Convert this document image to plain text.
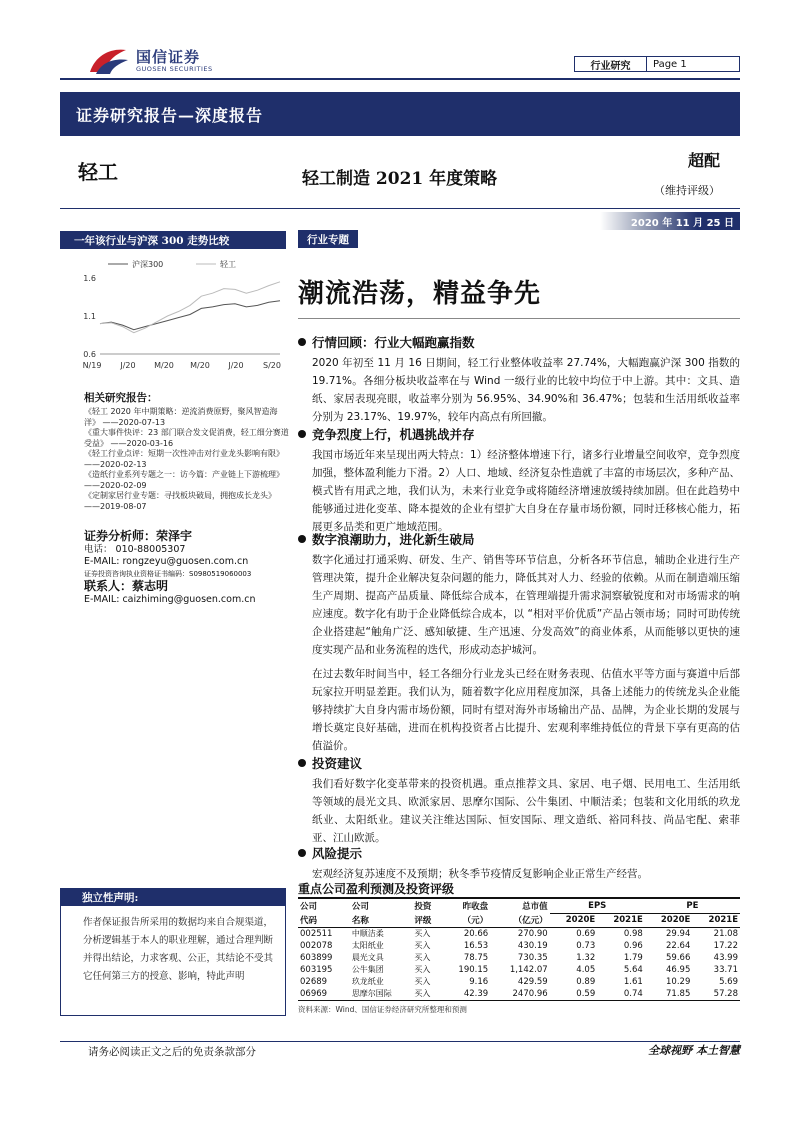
国信证券
GUOSEN SECURITIES	行业研究	Page 1
证券研究报告—深度报告
轻工	轻工制造 2021 年度策略
超配
（维持评级）
2020 年 11 月 25 日
一年该行业与沪深 300 走势比较
1.6
1.1
0.6
N/19 J/20 M/20 M/20 J/20 S/20
沪深300	轻工
相关研究报告：
《轻工 2020 年中期策略：逆流消费原野，聚风智造海洋》 ——2020-07-13
《重大事件快评：23 部门联合发文促消费，轻工细分赛道受益》 ——2020-03-16
《轻工行业点评：短期一次性冲击对行业龙头影响有限》 ——2020-02-13
《造纸行业系列专题之一：访今篇：产业链上下游梳理》 ——2020-02-09
《定制家居行业专题：寻找板块破局，拥抱成长龙头》 ——2019-08-07
证券分析师：荣泽宇
电话： 010-88005307
E-MAIL: rongzeyu@guosen.com.cn
证券投资咨询执业资格证书编码：S0980519060003
联系人：蔡志明
E-MAIL: caizhiming@guosen.com.cn
独立性声明:
作者保证报告所采用的数据均来自合规渠道，分析逻辑基于本人的职业理解，通过合理判断并得出结论，力求客观、公正，其结论不受其它任何第三方的授意、影响，特此声明
行业专题
潮流浩荡，精益争先
行情回顾：行业大幅跑赢指数
2020 年初至 11 月 16 日期间，轻工行业整体收益率 27.74%，大幅跑赢沪深 300 指数的 19.71%。各细分板块收益率在与 Wind 一级行业的比较中均位于中上游。其中：文具、造纸、家居表现亮眼，收益率分别为 56.95%、34.90%和 36.47%；包装和生活用纸收益率分别为 23.17%、19.97%，较年内高点有所回撤。
竞争烈度上行，机遇挑战并存
我国市场近年来呈现出两大特点：1）经济整体增速下行，诸多行业增量空间收窄，竞争烈度加强，整体盈利能力下滑。2）人口、地域、经济复杂性造就了丰富的市场层次，多种产品、模式皆有用武之地，我们认为，未来行业竞争或将随经济增速放缓持续加剧。但在此趋势中能够通过进化变革、降本提效的企业有望扩大自身在存量市场份额，同时迁移核心能力，拓展更多品类和更广地域范围。
数字浪潮助力，进化新生破局
数字化通过打通采购、研发、生产、销售等环节信息，分析各环节信息，辅助企业进行生产管理决策，提升企业解决复杂问题的能力，降低其对人力、经验的依赖。从而在制造端压缩生产周期、提高产品质量、降低综合成本，在管理端提升需求洞察敏锐度和对市场需求的响应速度。数字化有助于企业降低综合成本，以 “相对平价优质”产品占领市场；同时可助传统企业搭建起“触角广泛、感知敏捷、生产迅速、分发高效”的商业体系，从而能够以更快的速度实现产品和业务流程的迭代，形成动态护城河。
在过去数年时间当中，轻工各细分行业龙头已经在财务表现、估值水平等方面与赛道中后部玩家拉开明显差距。我们认为，随着数字化应用程度加深，具备上述能力的传统龙头企业能够持续扩大自身内需市场份额，同时有望对海外市场输出产品、品牌，为企业长期的发展与增长奠定良好基础，进而在机构投资者占比提升、宏观利率维持低位的背景下享有更高的估值溢价。
投资建议
我们看好数字化变革带来的投资机遇。重点推荐文具、家居、电子烟、民用电工、生活用纸等领域的晨光文具、欧派家居、思摩尔国际、公牛集团、中顺洁柔；包装和文化用纸的玖龙纸业、太阳纸业。建议关注维达国际、恒安国际、理文造纸、裕同科技、尚品宅配、索菲亚、江山欧派。
风险提示
宏观经济复苏速度不及预期；秋冬季节疫情反复影响企业正常生产经营。
重点公司盈利预测及投资评级
公司	公司	投资	昨收盘	总市值	EPS		PE	
代码	名称	评级	（元）	（亿元）	2020E	2021E	2020E	2021E
002511	中顺洁柔	买入	20.66	270.90	0.69	0.98	29.94	21.08
002078	太阳纸业	买入	16.53	430.19	0.73	0.96	22.64	17.22
603899	晨光文具	买入	78.75	730.35	1.32	1.79	59.66	43.99
603195	公牛集团	买入	190.15	1,142.07	4.05	5.64	46.95	33.71
02689	玖龙纸业	买入	9.16	429.59	0.89	1.61	10.29	5.69
06969	思摩尔国际	买入	42.39	2470.96	0.59	0.74	71.85	57.28
资料来源：Wind、国信证券经济研究所整理和预测
请务必阅读正文之后的免责条款部分	全球视野 本土智慧
